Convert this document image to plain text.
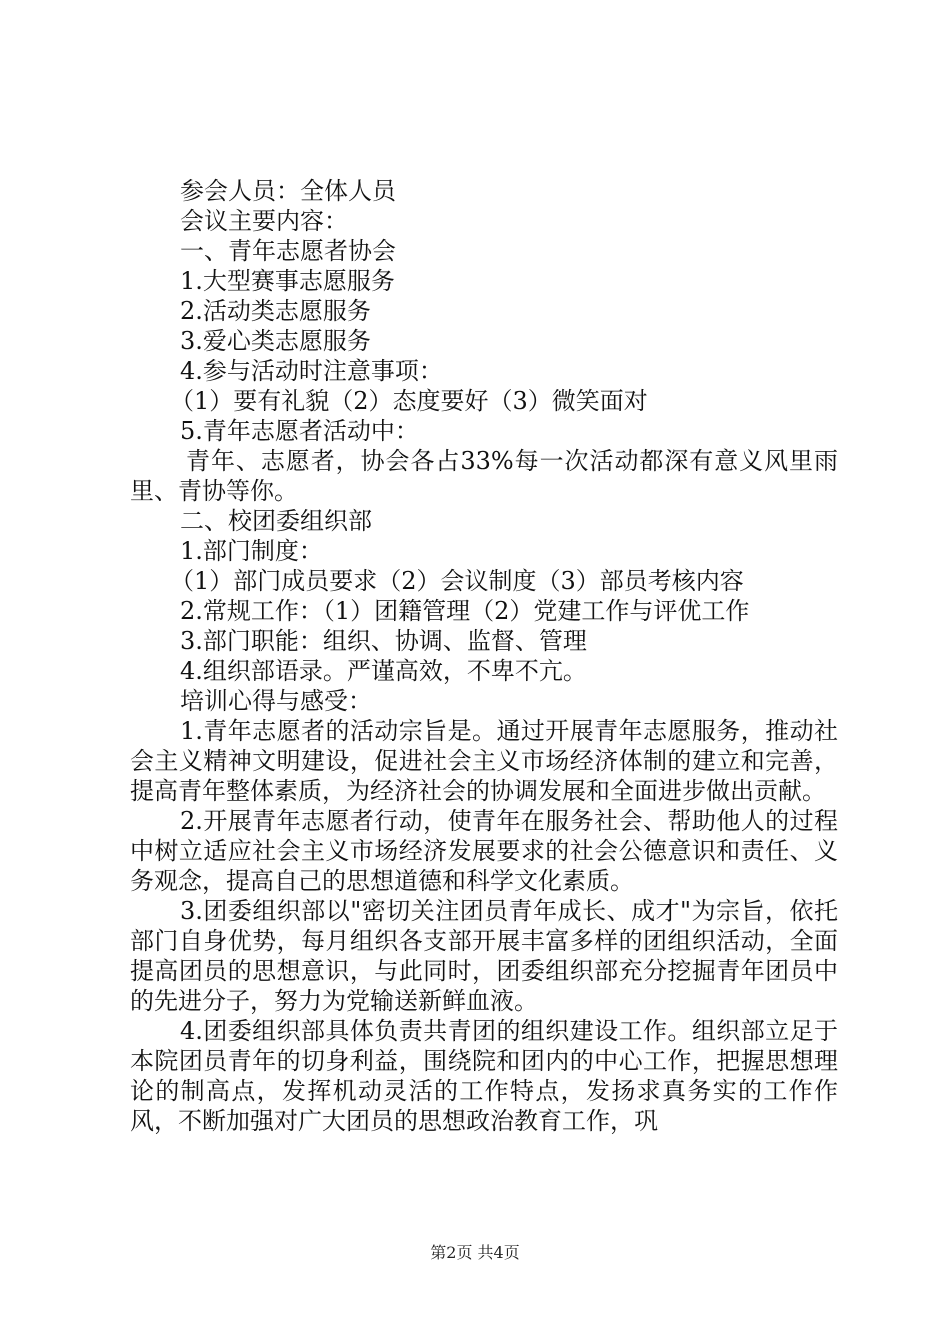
参会人员：全体人员
会议主要内容：
一、青年志愿者协会
1.大型赛事志愿服务
2.活动类志愿服务
3.爱心类志愿服务
4.参与活动时注意事项：
（1）要有礼貌（2）态度要好（3）微笑面对
5.青年志愿者活动中：

青年、志愿者，协会各占33%每一次活动都深有意义风里雨里、青协等你。

二、校团委组织部
1.部门制度：
（1）部门成员要求（2）会议制度（3）部员考核内容
2.常规工作：（1）团籍管理（2）党建工作与评优工作
3.部门职能：组织、协调、监督、管理
4.组织部语录。严谨高效，不卑不亢。
培训心得与感受：

1.青年志愿者的活动宗旨是。通过开展青年志愿服务，推动社会主义精神文明建设，促进社会主义市场经济体制的建立和完善，提高青年整体素质，为经济社会的协调发展和全面进步做出贡献。

2.开展青年志愿者行动，使青年在服务社会、帮助他人的过程中树立适应社会主义市场经济发展要求的社会公德意识和责任、义务观念，提高自己的思想道德和科学文化素质。

3.团委组织部以"密切关注团员青年成长、成才"为宗旨，依托部门自身优势，每月组织各支部开展丰富多样的团组织活动，全面提高团员的思想意识，与此同时，团委组织部充分挖掘青年团员中的先进分子，努力为党输送新鲜血液。

4.团委组织部具体负责共青团的组织建设工作。组织部立足于本院团员青年的切身利益，围绕院和团内的中心工作，把握思想理论的制高点，发挥机动灵活的工作特点，发扬求真务实的工作作风，不断加强对广大团员的思想政治教育工作，巩

第2页 共4页
